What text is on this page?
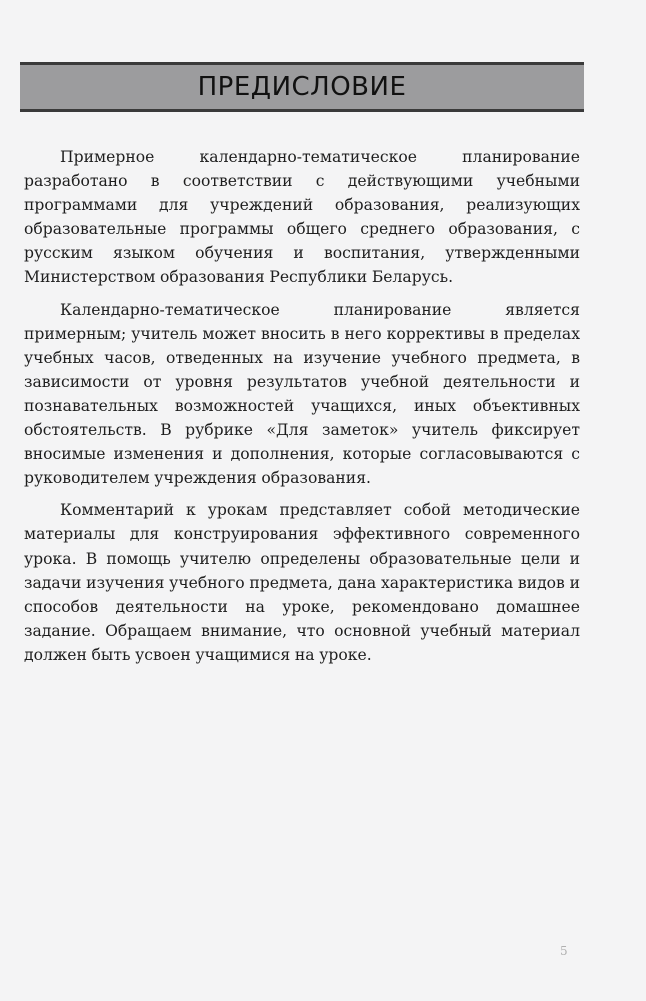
ПРЕДИСЛОВИЕ

Примерное календарно-тематическое планирование разработано в соответствии с действующими учебными программами для учреждений образования, реализующих образовательные программы общего среднего образования, с русским языком обучения и воспитания, утвержденными Министерством образования Республики Беларусь.

Календарно-тематическое планирование является примерным; учитель может вносить в него коррективы в пределах учебных часов, отведенных на изучение учебного предмета, в зависимости от уровня результатов учебной деятельности и познавательных возможностей учащихся, иных объективных обстоятельств. В рубрике «Для заметок» учитель фиксирует вносимые изменения и дополнения, которые согласовываются с руководителем учреждения образования.

Комментарий к урокам представляет собой методические материалы для конструирования эффективного современного урока. В помощь учителю определены образовательные цели и задачи изучения учебного предмета, дана характеристика видов и способов деятельности на уроке, рекомендовано домашнее задание. Обращаем внимание, что основной учебный материал должен быть усвоен учащимися на уроке.

5
